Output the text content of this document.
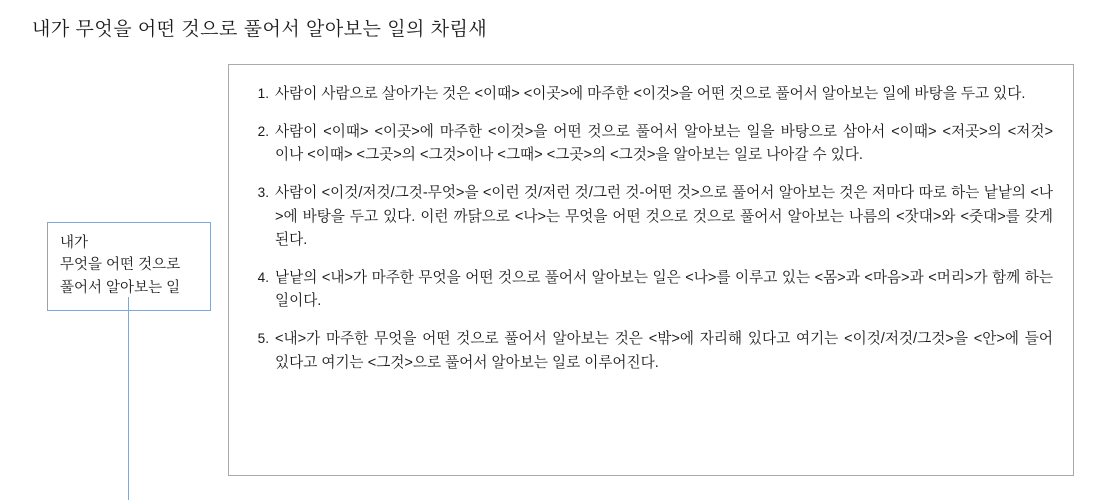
내가 무엇을 어떤 것으로 풀어서 알아보는 일의 차림새
내가
무엇을 어떤 것으로
풀어서 알아보는 일
1. 사람이 사람으로 살아가는 것은 <이때> <이곳>에 마주한 <이것>을 어떤 것으로 풀어서 알아보는 일에 바탕을 두고 있다.
2. 사람이 <이때> <이곳>에 마주한 <이것>을 어떤 것으로 풀어서 알아보는 일을 바탕으로 삼아서 <이때> <저곳>의 <저것>이나 <이때> <그곳>의 <그것>이나 <그때> <그곳>의 <그것>을 알아보는 일로 나아갈 수 있다.
3. 사람이 <이것/저것/그것-무엇>을 <이런 것/저런 것/그런 것-어떤 것>으로 풀어서 알아보는 것은 저마다 따로 하는 낱낱의 <나>에 바탕을 두고 있다. 이런 까닭으로 <나>는 무엇을 어떤 것으로 것으로 풀어서 알아보는 나름의 <잣대>와 <줏대>를 갖게 된다.
4. 낱낱의 <내>가 마주한 무엇을 어떤 것으로 풀어서 알아보는 일은 <나>를 이루고 있는 <몸>과 <마음>과 <머리>가 함께 하는 일이다.
5. <내>가 마주한 무엇을 어떤 것으로 풀어서 알아보는 것은 <밖>에 자리해 있다고 여기는 <이것/저것/그것>을 <안>에 들어 있다고 여기는 <그것>으로 풀어서 알아보는 일로 이루어진다.
